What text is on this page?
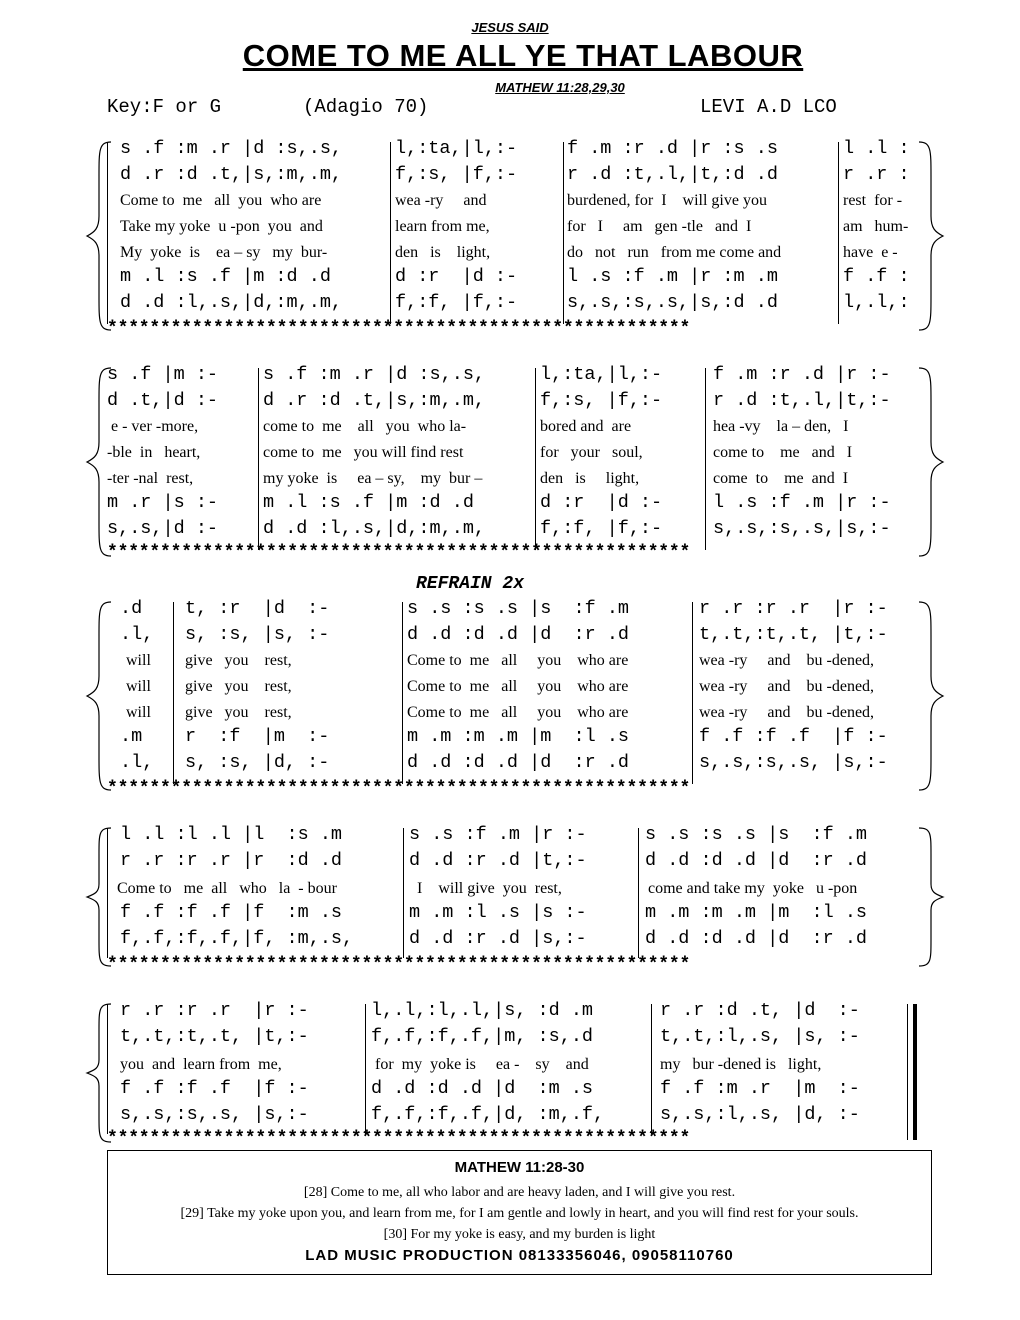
JESUS SAID
COME TO ME ALL YE THAT LABOUR
MATHEW 11:28,29,30
Key:F or G	(Adagio 70)	LEVI A.D LCO
s .f :m .r |d :s,.s,
d .r :d .t,|s,:m,.m,
Come to  me   all  you  who are
Take my yoke  u -pon  you  and
My  yoke  is    ea – sy   my  bur-
m .l :s .f |m :d .d
d .d :l,.s,|d,:m,.m,
l,:ta,|l,:-
f,:s, |f,:-
wea -ry     and
learn from me,
den   is    light,
d :r  |d :-
f,:f, |f,:-
f .m :r .d |r :s .s
r .d :t,.l,|t,:d .d
burdened, for  I    will give you
for   I     am   gen -tle   and  I
do   not   run   from me come and
l .s :f .m |r :m .m
s,.s,:s,.s,|s,:d .d
l .l :
r .r :
rest  for -
am   hum-
have  e -
f .f :
l,.l,:
*******************************************************
s .f |m :-
d .t,|d :-
e - ver -more,
-ble  in   heart,
-ter -nal  rest,
m .r |s :-
s,.s,|d :-
s .f :m .r |d :s,.s,
d .r :d .t,|s,:m,.m,
come to  me    all   you  who la-
come to  me   you will find rest
my yoke  is     ea – sy,    my  bur –
m .l :s .f |m :d .d
d .d :l,.s,|d,:m,.m,
l,:ta,|l,:-
f,:s, |f,:-
bored and  are
for   your   soul,
den   is     light,
d :r  |d :-
f,:f, |f,:-
f .m :r .d |r :-
r .d :t,.l,|t,:-
hea -vy    la – den,   I
come to    me   and   I
come  to    me  and  I
l .s :f .m |r :-
s,.s,:s,.s,|s,:-
*******************************************************
REFRAIN 2x
.d
.l,
will
will
will
.m
.l,
t, :r  |d  :-
s, :s, |s, :-
give   you    rest,
give   you    rest,
give   you    rest,
r  :f  |m  :-
s, :s, |d, :-
s .s :s .s |s  :f .m
d .d :d .d |d  :r .d
Come to  me   all     you    who are
Come to  me   all     you    who are
Come to  me   all     you    who are
m .m :m .m |m  :l .s
d .d :d .d |d  :r .d
r .r :r .r  |r :-
t,.t,:t,.t, |t,:-
wea -ry     and    bu -dened,
wea -ry     and    bu -dened,
wea -ry     and    bu -dened,
f .f :f .f  |f :-
s,.s,:s,.s, |s,:-
*******************************************************
l .l :l .l |l  :s .m
r .r :r .r |r  :d .d
Come to   me  all   who   la  - bour
f .f :f .f |f  :m .s
f,.f,:f,.f,|f, :m,.s,
s .s :f .m |r :-
d .d :r .d |t,:-
I    will give  you  rest,
m .m :l .s |s :-
d .d :r .d |s,:-
s .s :s .s |s  :f .m
d .d :d .d |d  :r .d
come and take my  yoke   u -pon
m .m :m .m |m  :l .s
d .d :d .d |d  :r .d
*******************************************************
r .r :r .r  |r :-
t,.t,:t,.t, |t,:-
you  and  learn from  me,
f .f :f .f  |f :-
s,.s,:s,.s, |s,:-
l,.l,:l,.l,|s, :d .m
f,.f,:f,.f,|m, :s,.d
for  my  yoke is     ea -    sy    and
d .d :d .d |d  :m .s
f,.f,:f,.f,|d, :m,.f,
r .r :d .t, |d  :-
t,.t,:l,.s, |s, :-
my   bur -dened is   light,
f .f :m .r  |m  :-
s,.s,:l,.s, |d, :-
*******************************************************
MATHEW 11:28-30
[28] Come to me, all who labor and are heavy laden, and I will give you rest.
[29] Take my yoke upon you, and learn from me, for I am gentle and lowly in heart, and you will find rest for your souls.
[30] For my yoke is easy, and my burden is light
LAD MUSIC PRODUCTION 08133356046, 09058110760
